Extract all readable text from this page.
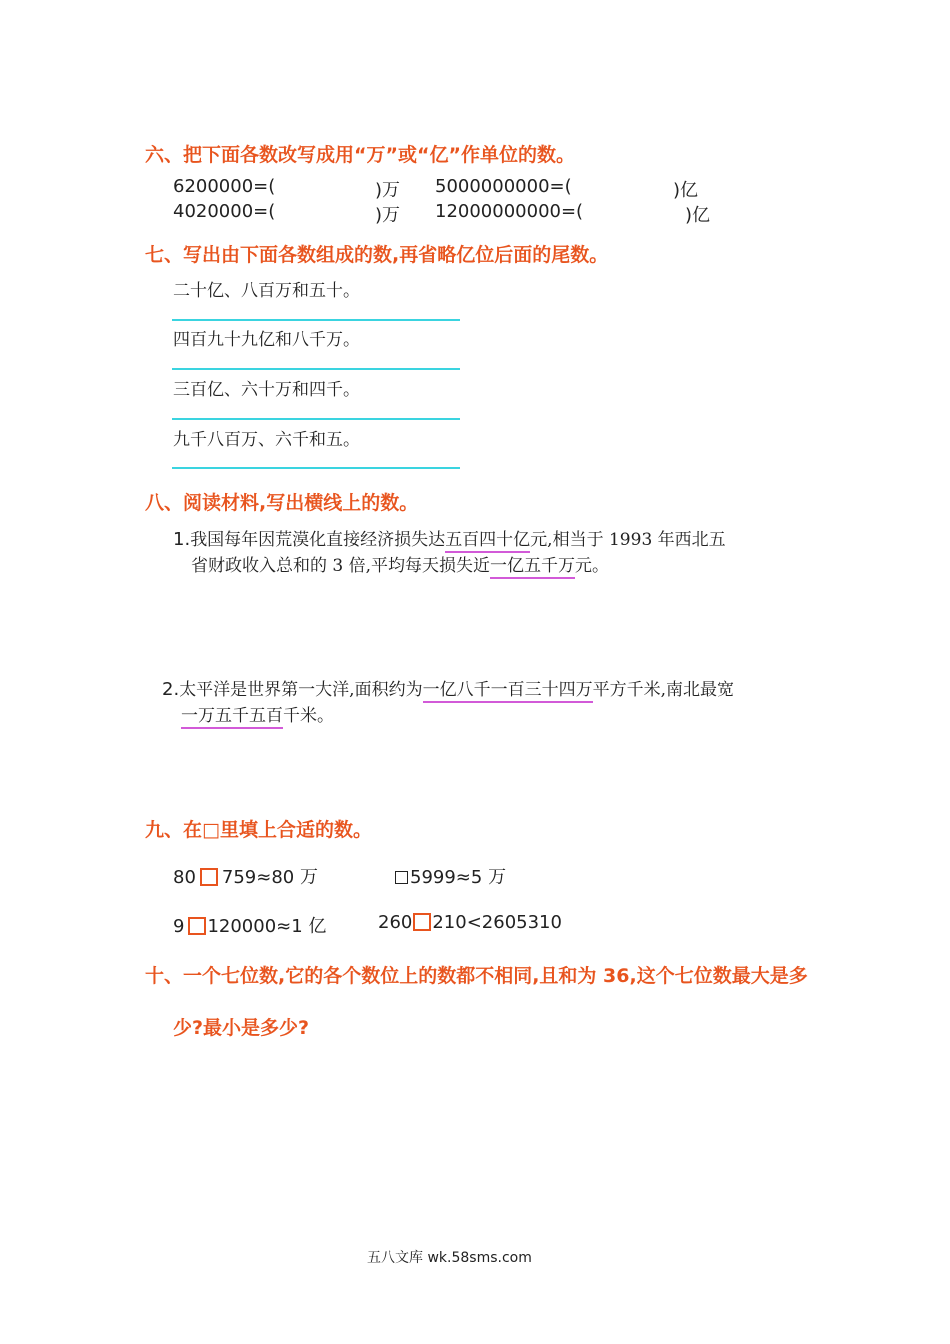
六、把下面各数改写成用“万”或“亿”作单位的数。
6200000=(	)万 5000000000=(	)亿
4020000=(	)万 12000000000=(	)亿
七、写出由下面各数组成的数,再省略亿位后面的尾数。
二十亿、八百万和五十。
四百九十九亿和八千万。
三百亿、六十万和四千。
九千八百万、六千和五。
八、阅读材料,写出横线上的数。
1.我国每年因荒漠化直接经济损失达五百四十亿元,相当于 1993 年西北五
省财政收入总和的 3 倍,平均每天损失近一亿五千万元。
2.太平洋是世界第一大洋,面积约为一亿八千一百三十四万平方千米,南北最宽
一万五千五百千米。
九、在□里填上合适的数。
80 759≈80 万	5999≈5 万
9 120000≈1 亿	260 210<2605310
十、一个七位数,它的各个数位上的数都不相同,且和为 36,这个七位数最大是多
少?最小是多少?
五八文库 wk.58sms.com
